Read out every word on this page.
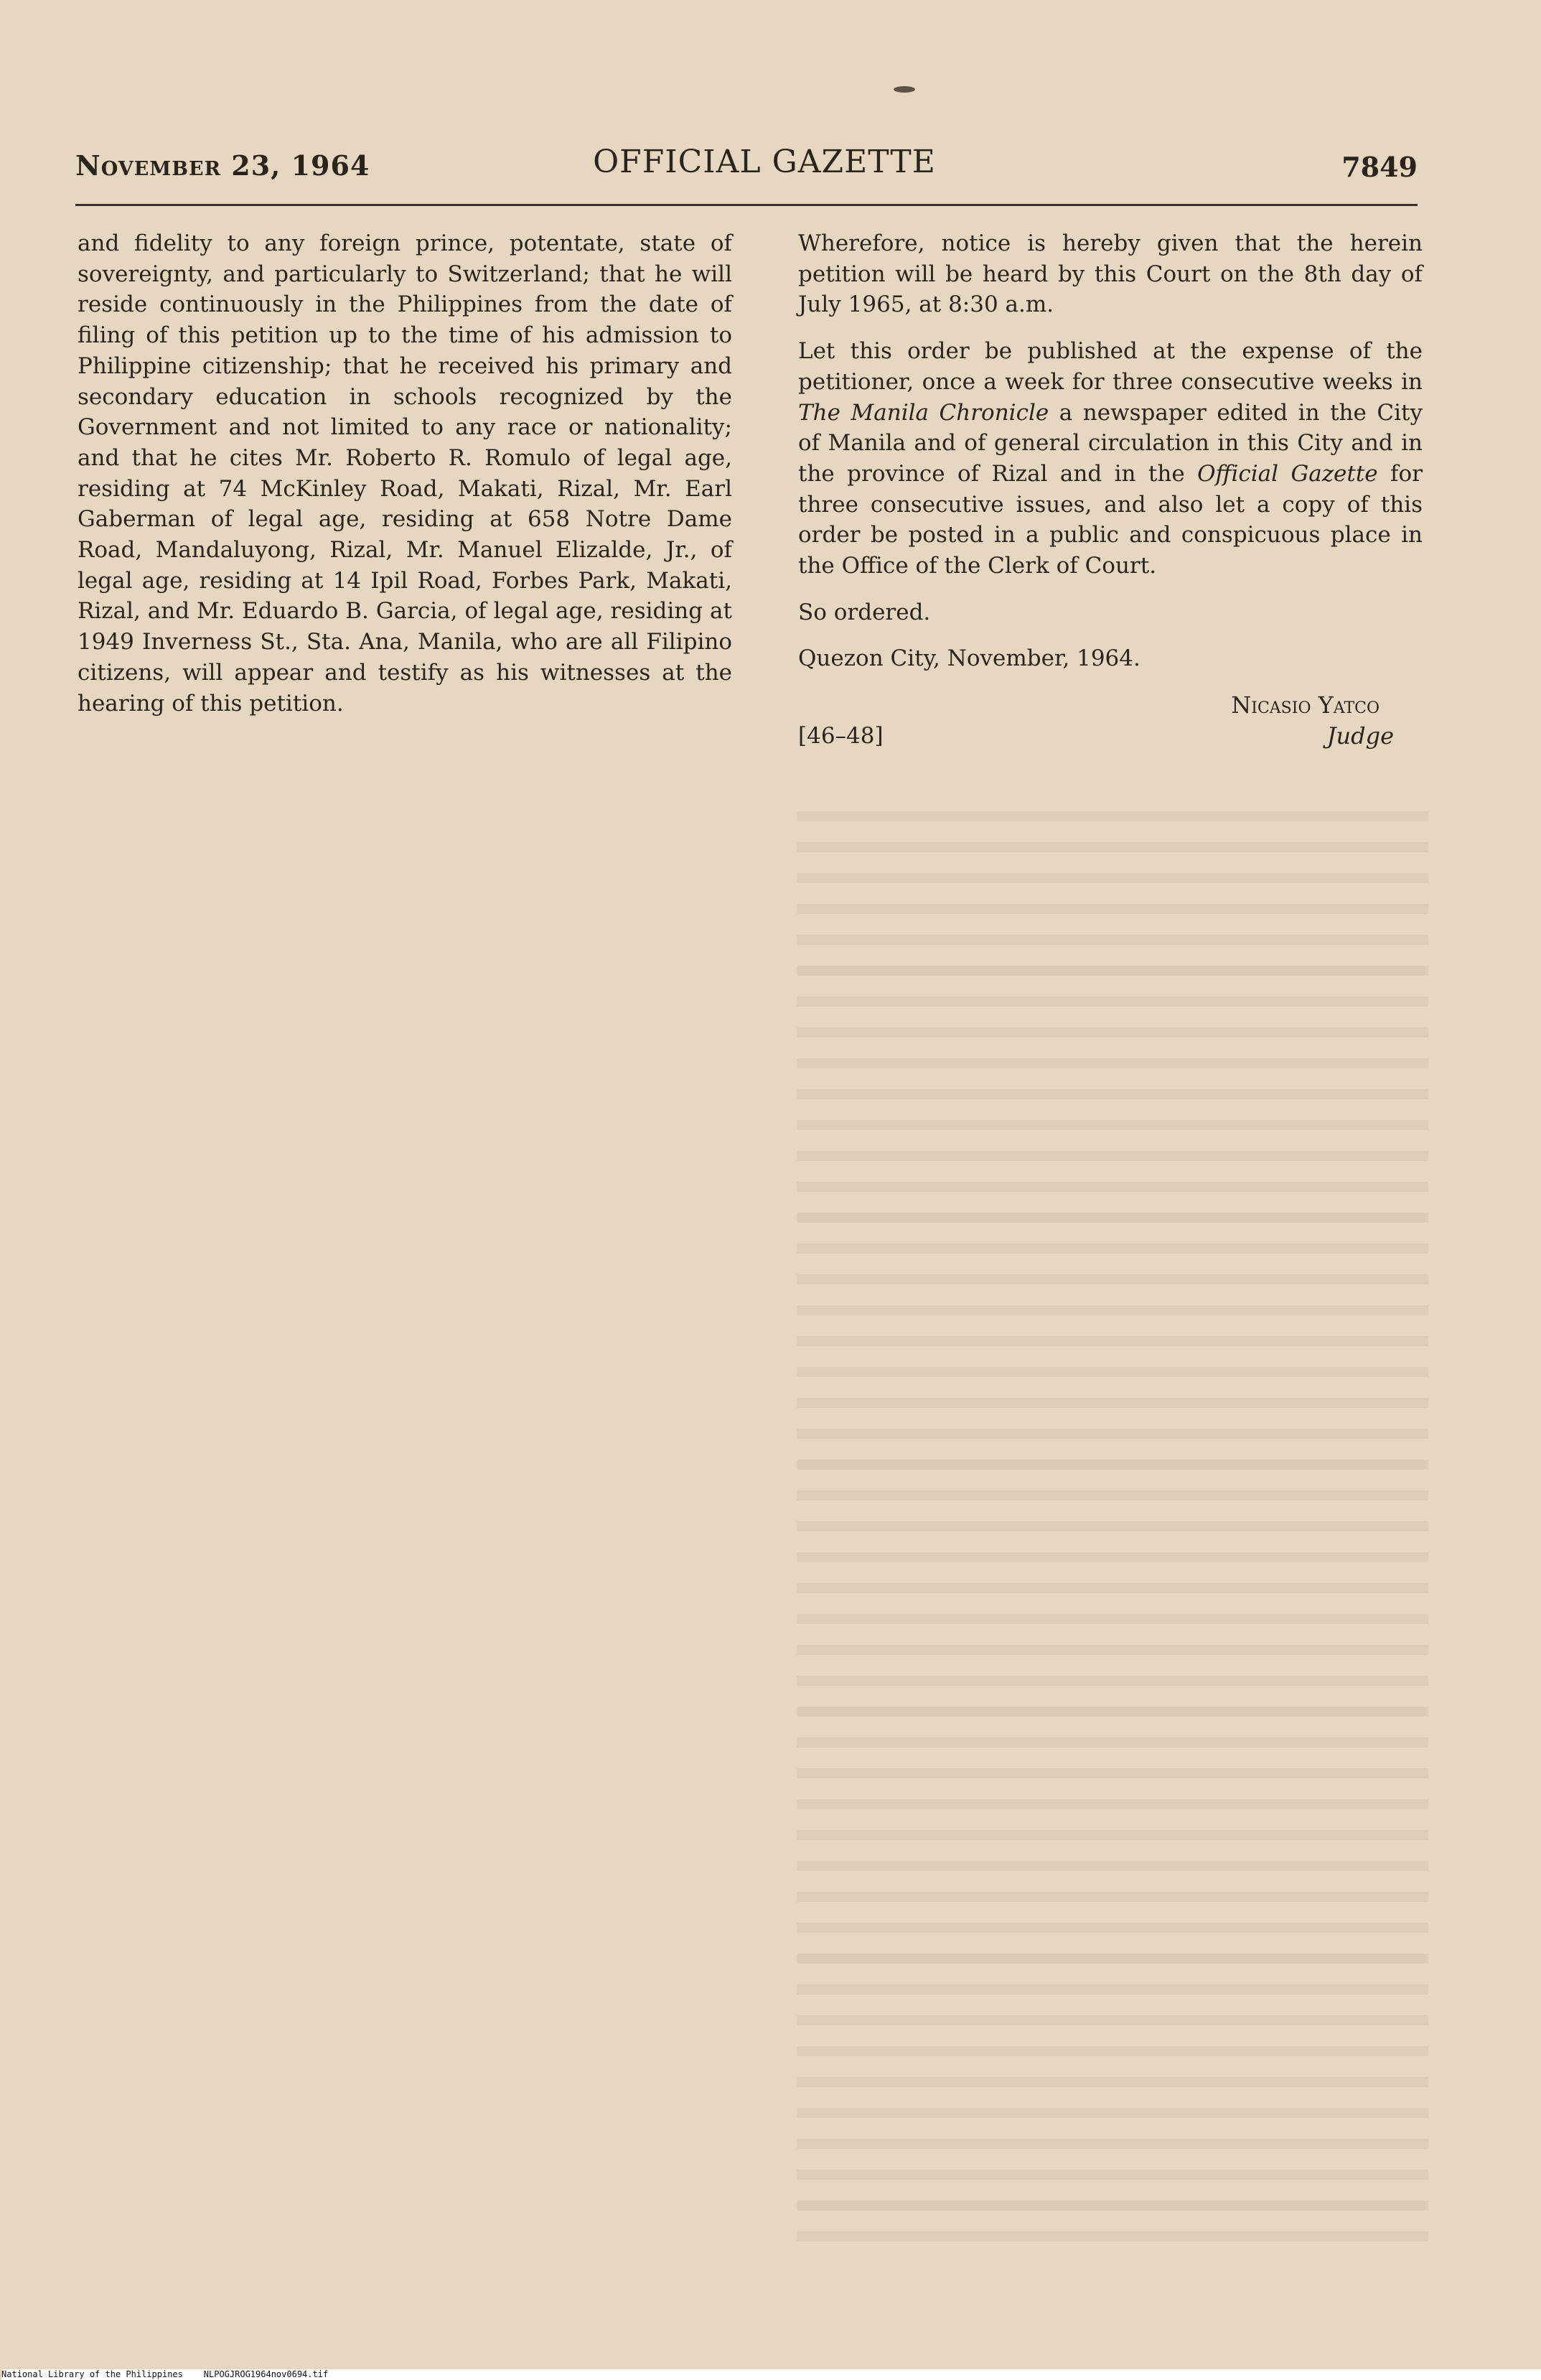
November 23, 1964	OFFICIAL GAZETTE	7849

and fidelity to any foreign prince, potentate, state of sovereignty, and particularly to Switzerland; that he will reside continuously in the Philippines from the date of filing of this petition up to the time of his admission to Philippine citizenship; that he received his primary and secondary education in schools recognized by the Government and not limited to any race or nationality; and that he cites Mr. Roberto R. Romulo of legal age, residing at 74 McKinley Road, Makati, Rizal, Mr. Earl Gaberman of legal age, residing at 658 Notre Dame Road, Mandaluyong, Rizal, Mr. Manuel Elizalde, Jr., of legal age, residing at 14 Ipil Road, Forbes Park, Makati, Rizal, and Mr. Eduardo B. Garcia, of legal age, residing at 1949 Inverness St., Sta. Ana, Manila, who are all Filipino citizens, will appear and testify as his witnesses at the hearing of this petition.

Wherefore, notice is hereby given that the herein petition will be heard by this Court on the 8th day of July 1965, at 8:30 a.m.

Let this order be published at the expense of the petitioner, once a week for three consecutive weeks in The Manila Chronicle a newspaper edited in the City of Manila and of general circulation in this City and in the province of Rizal and in the Official Gazette for three consecutive issues, and also let a copy of this order be posted in a public and conspicuous place in the Office of the Clerk of Court.

So ordered.

Quezon City, November, 1964.

Nicasio Yatco
[46–48]	Judge
National Library of the Philippines NLPOGJROG1964nov0694.tif
